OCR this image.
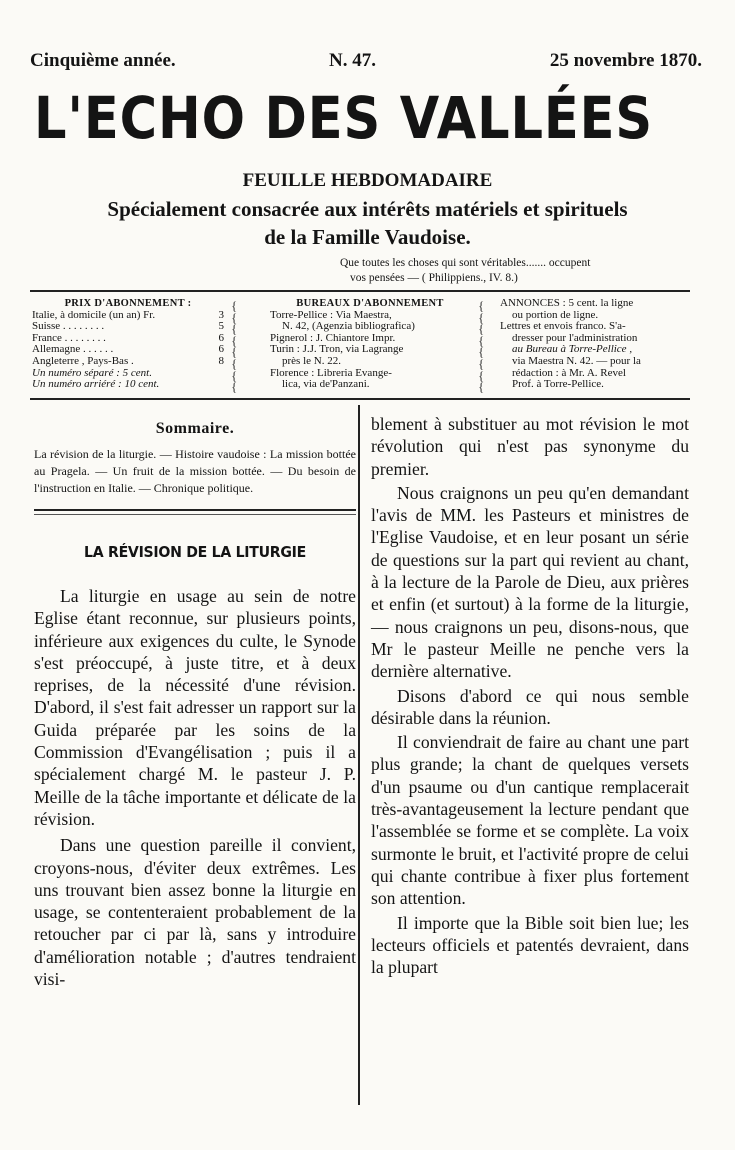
Cinquième année.	N. 47.	25 novembre 1870.
L'ECHO DES VALLÉES
FEUILLE HEBDOMADAIRE
Spécialement consacrée aux intérêts matériels et spirituels
de la Famille Vaudoise.
Que toutes les choses qui sont véritables....... occupent
vos pensées — ( Philippiens., IV. 8.)
PRIX D'ABONNEMENT :
Italie, à domicile (un an) Fr.	3
Suisse . . . . . . . .	5
France . . . . . . . .	6
Allemagne . . . . . .	6
Angleterre , Pays-Bas .	8
Un numéro séparé : 5 cent.
Un numéro arriéré : 10 cent.
{
{
{
{
{
{
{
{
BUREAUX D'ABONNEMENT
Torre-Pellice : Via Maestra,
N. 42, (Agenzia bibliografica)
Pignerol : J. Chiantore Impr.
Turin : J.J. Tron, via Lagrange
près le N. 22.
Florence : Libreria Evange-
lica, via de'Panzani.
{
{
{
{
{
{
{
{
ANNONCES : 5 cent. la ligne
ou portion de ligne.
Lettres et envois franco. S'a-
dresser pour l'administration
au Bureau à Torre-Pellice ,
via Maestra N. 42. — pour la
rédaction : à Mr. A. Revel
Prof. à Torre-Pellice.
Sommaire.
La révision de la liturgie. — Histoire vaudoise : La mission bottée au Pragela. — Un fruit de la mission bottée. — Du besoin de l'instruction en Italie. — Chronique politique.
LA RÉVISION DE LA LITURGIE

La liturgie en usage au sein de notre Eglise étant reconnue, sur plusieurs points, inférieure aux exigences du culte, le Synode s'est préoccupé, à juste titre, et à deux reprises, de la nécessité d'une révision. D'abord, il s'est fait adresser un rapport sur la Guida préparée par les soins de la Commission d'Evangélisation ; puis il a spécialement chargé M. le pasteur J. P. Meille de la tâche importante et délicate de la révision.

Dans une question pareille il convient, croyons-nous, d'éviter deux extrêmes. Les uns trouvant bien assez bonne la liturgie en usage, se contenteraient probablement de la retoucher par ci par là, sans y introduire d'amélioration notable ; d'autres tendraient visi-

blement à substituer au mot révision le mot révolution qui n'est pas synonyme du premier.

Nous craignons un peu qu'en demandant l'avis de MM. les Pasteurs et ministres de l'Eglise Vaudoise, et en leur posant un série de questions sur la part qui revient au chant, à la lecture de la Parole de Dieu, aux prières et enfin (et surtout) à la forme de la liturgie, — nous craignons un peu, disons-nous, que Mr le pasteur Meille ne penche vers la dernière alternative.

Disons d'abord ce qui nous semble désirable dans la réunion.

Il conviendrait de faire au chant une part plus grande; la chant de quelques versets d'un psaume ou d'un cantique remplacerait très-avantageusement la lecture pendant que l'assemblée se forme et se complète. La voix surmonte le bruit, et l'activité propre de celui qui chante contribue à fixer plus fortement son attention.

Il importe que la Bible soit bien lue; les lecteurs officiels et patentés devraient, dans la plupart
